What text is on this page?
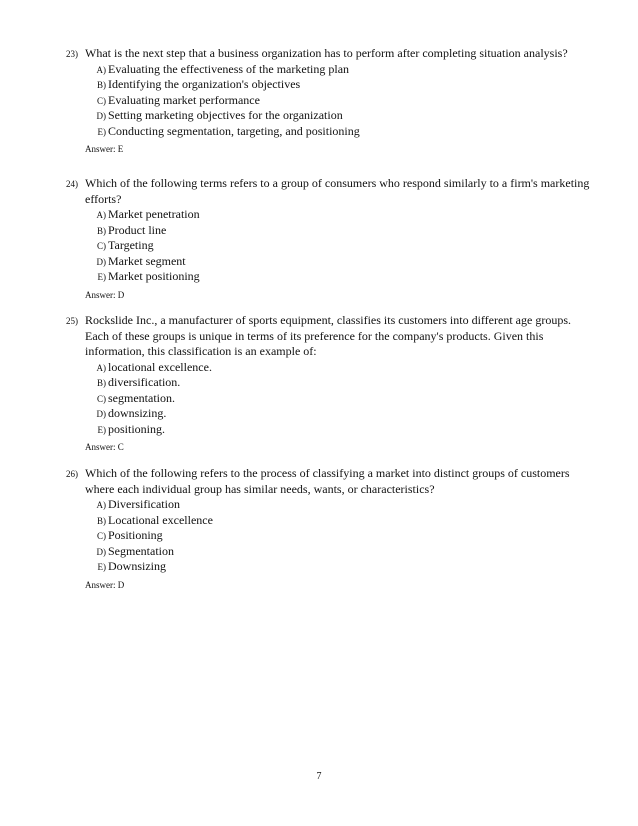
23) What is the next step that a business organization has to perform after completing situation analysis?
A) Evaluating the effectiveness of the marketing plan
B) Identifying the organization's objectives
C) Evaluating market performance
D) Setting marketing objectives for the organization
E) Conducting segmentation, targeting, and positioning
Answer: E
24) Which of the following terms refers to a group of consumers who respond similarly to a firm's marketing efforts?
A) Market penetration
B) Product line
C) Targeting
D) Market segment
E) Market positioning
Answer: D
25) Rockslide Inc., a manufacturer of sports equipment, classifies its customers into different age groups. Each of these groups is unique in terms of its preference for the company's products. Given this information, this classification is an example of:
A) locational excellence.
B) diversification.
C) segmentation.
D) downsizing.
E) positioning.
Answer: C
26) Which of the following refers to the process of classifying a market into distinct groups of customers where each individual group has similar needs, wants, or characteristics?
A) Diversification
B) Locational excellence
C) Positioning
D) Segmentation
E) Downsizing
Answer: D
7
